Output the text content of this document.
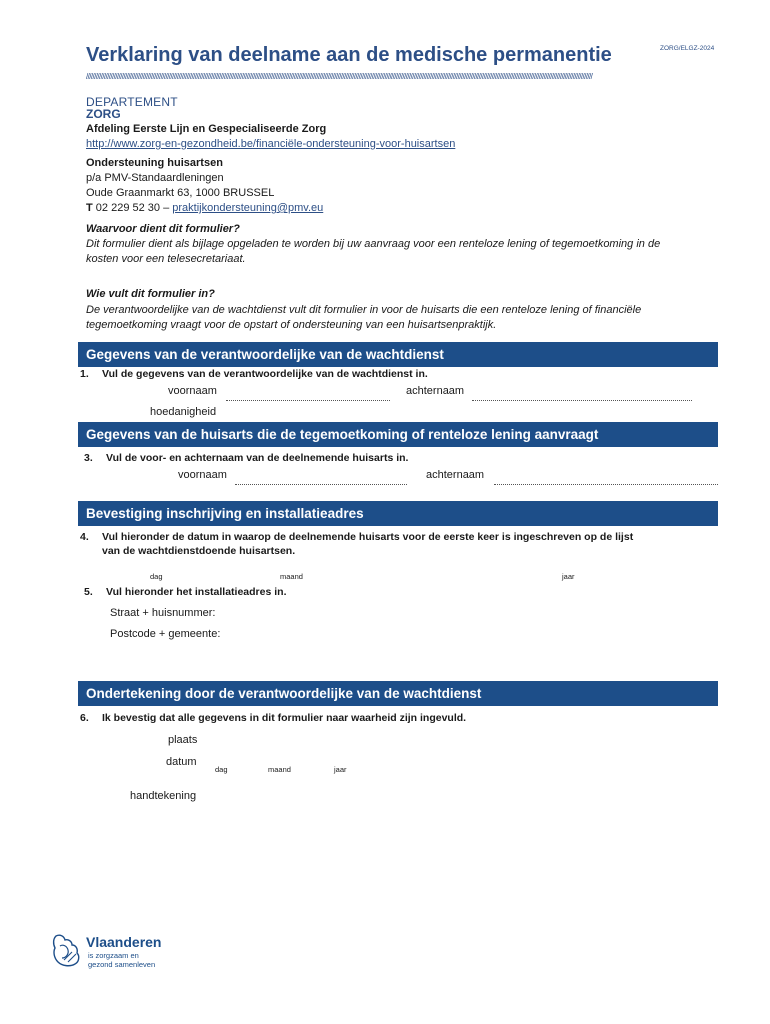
Verklaring van deelname aan de medische permanentie	ZORG/ELGZ-2024
////////////////////////////////////////////////////////////////////////////////////////////////////////////////////////////////////////////////////////////////////////////////////////////////////////////////////////////////////////////////////////////////////////////////////////////////////////////////////////
DEPARTEMENT
ZORG
Afdeling Eerste Lijn en Gespecialiseerde Zorg
http://www.zorg-en-gezondheid.be/financiële-ondersteuning-voor-huisartsen
Ondersteuning huisartsen
p/a PMV-Standaardleningen
Oude Graanmarkt 63, 1000 BRUSSEL
T 02 229 52 30 – praktijkondersteuning@pmv.eu
Waarvoor dient dit formulier?
Dit formulier dient als bijlage opgeladen te worden bij uw aanvraag voor een renteloze lening of tegemoetkoming in de
kosten voor een telesecretariaat.
Wie vult dit formulier in?
De verantwoordelijke van de wachtdienst vult dit formulier in voor de huisarts die een renteloze lening of financiële
tegemoetkoming vraagt voor de opstart of ondersteuning van een huisartsenpraktijk.
Gegevens van de verantwoordelijke van de wachtdienst
1. Vul de gegevens van de verantwoordelijke van de wachtdienst in.
voornaam	achternaam
hoedanigheid
Gegevens van de huisarts die de tegemoetkoming of renteloze lening aanvraagt
3. Vul de voor- en achternaam van de deelnemende huisarts in.
voornaam	achternaam
Bevestiging inschrijving en installatieadres
4. Vul hieronder de datum in waarop de deelnemende huisarts voor de eerste keer is ingeschreven op de lijst
van de wachtdienstdoende huisartsen.
dag	maand	jaar
5. Vul hieronder het installatieadres in.
Straat + huisnummer:
Postcode + gemeente:
Ondertekening door de verantwoordelijke van de wachtdienst
6. Ik bevestig dat alle gegevens in dit formulier naar waarheid zijn ingevuld.
plaats
datum
dag	maand	jaar
handtekening
Vlaanderen
is zorgzaam en
gezond samenleven
